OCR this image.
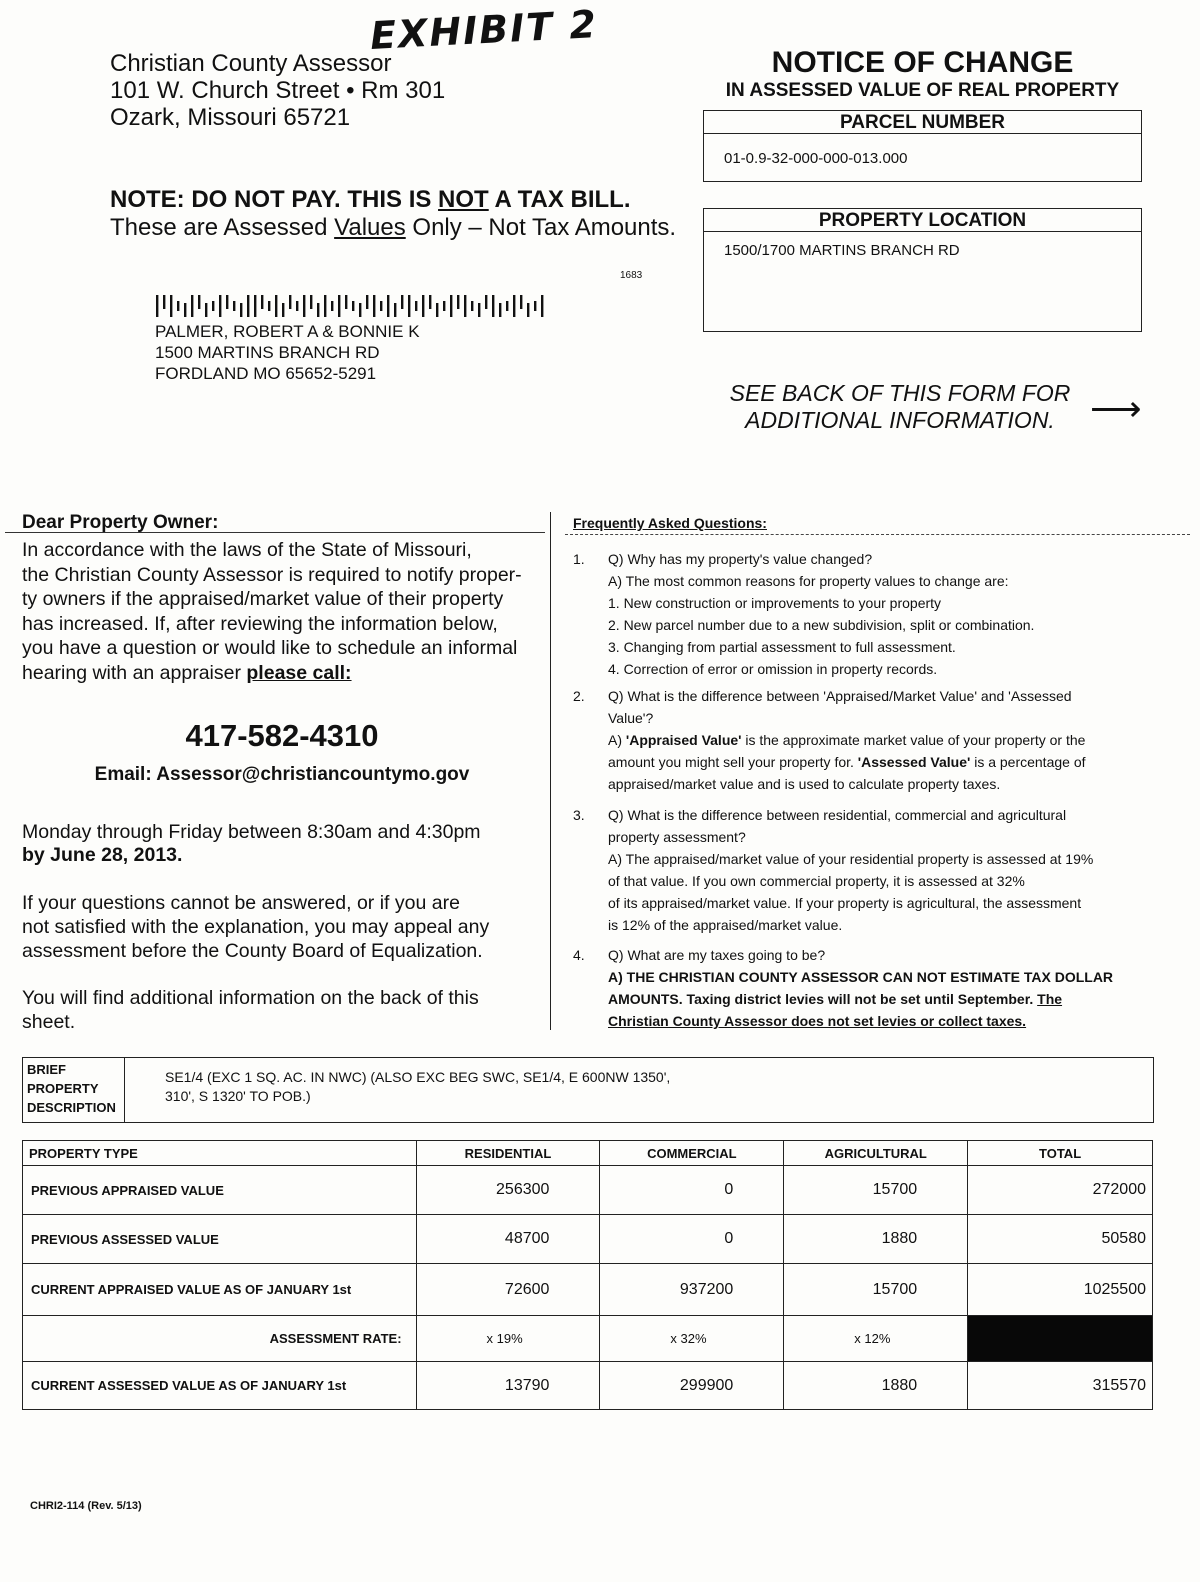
EXHIBIT 2
Christian County Assessor
101 W. Church Street • Rm 301
Ozark, Missouri 65721
NOTE: DO NOT PAY. THIS IS NOT A TAX BILL.
These are Assessed Values Only – Not Tax Amounts.
1683
PALMER, ROBERT A & BONNIE K
1500 MARTINS BRANCH RD
FORDLAND MO 65652-5291
NOTICE OF CHANGE
IN ASSESSED VALUE OF REAL PROPERTY
PARCEL NUMBER
01-0.9-32-000-000-013.000
PROPERTY LOCATION
1500/1700 MARTINS BRANCH RD
SEE BACK OF THIS FORM FOR
ADDITIONAL INFORMATION. ⟶
Dear Property Owner:
In accordance with the laws of the State of Missouri,
the Christian County Assessor is required to notify proper-
ty owners if the appraised/market value of their property
has increased. If, after reviewing the information below,
you have a question or would like to schedule an informal
hearing with an appraiser please call:
417-582-4310
Email: Assessor@christiancountymo.gov
Monday through Friday between 8:30am and 4:30pm
by June 28, 2013.
If your questions cannot be answered, or if you are
not satisfied with the explanation, you may appeal any
assessment before the County Board of Equalization.
You will find additional information on the back of this
sheet.
Frequently Asked Questions:
1.	Q) Why has my property's value changed?
A) The most common reasons for property values to change are:
1. New construction or improvements to your property
2. New parcel number due to a new subdivision, split or combination.
3. Changing from partial assessment to full assessment.
4. Correction of error or omission in property records.
2.	Q) What is the difference between 'Appraised/Market Value' and 'Assessed
Value'?
A) 'Appraised Value' is the approximate market value of your property or the
amount you might sell your property for. 'Assessed Value' is a percentage of
appraised/market value and is used to calculate property taxes.
3.	Q) What is the difference between residential, commercial and agricultural
property assessment?
A) The appraised/market value of your residential property is assessed at 19%
of that value. If you own commercial property, it is assessed at 32%
of its appraised/market value. If your property is agricultural, the assessment
is 12% of the appraised/market value.
4.	Q) What are my taxes going to be?
A) THE CHRISTIAN COUNTY ASSESSOR CAN NOT ESTIMATE TAX DOLLAR
AMOUNTS. Taxing district levies will not be set until September. The
Christian County Assessor does not set levies or collect taxes.
BRIEF
PROPERTY
DESCRIPTION
SE1/4 (EXC 1 SQ. AC. IN NWC) (ALSO EXC BEG SWC, SE1/4, E 600NW 1350',
310', S 1320' TO POB.)
PROPERTY TYPE	RESIDENTIAL	COMMERCIAL	AGRICULTURAL	TOTAL
PREVIOUS APPRAISED VALUE	256300	0	15700	272000
PREVIOUS ASSESSED VALUE	48700	0	1880	50580
CURRENT APPRAISED VALUE AS OF JANUARY 1st	72600	937200	15700	1025500
ASSESSMENT RATE:	x 19%	x 32%	x 12%	
CURRENT ASSESSED VALUE AS OF JANUARY 1st	13790	299900	1880	315570
CHRI2-114 (Rev. 5/13)
